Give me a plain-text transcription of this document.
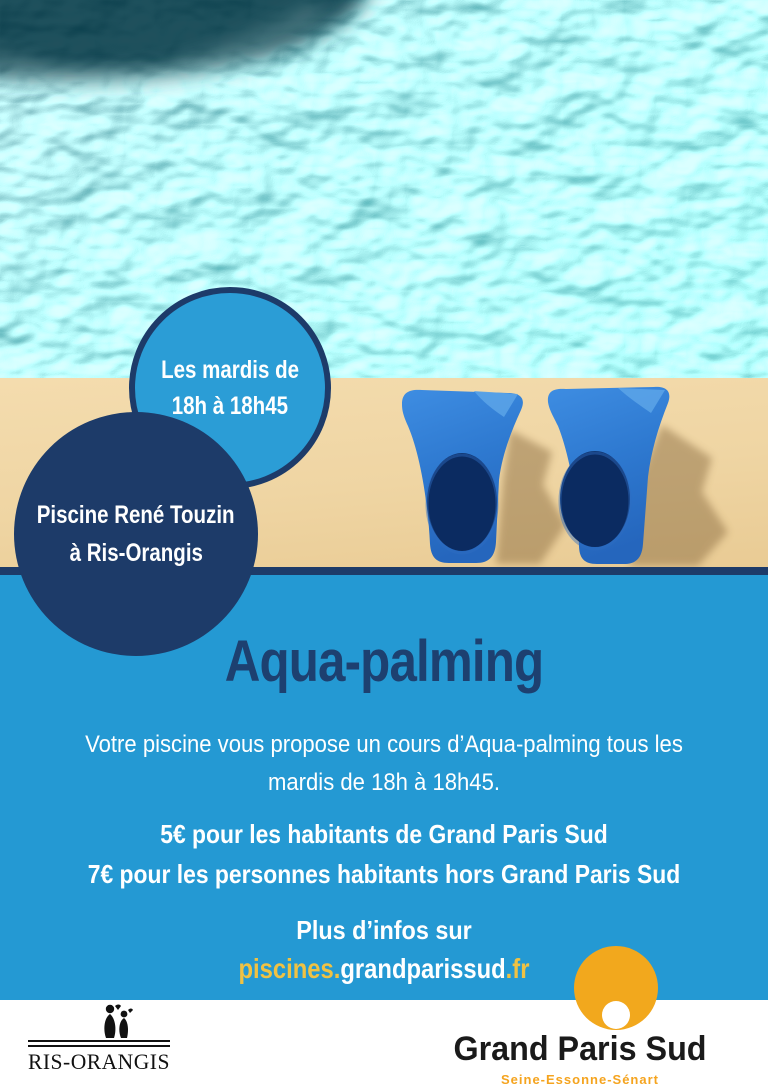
Les mardis de
18h à 18h45
Piscine René Touzin
à Ris-Orangis
Aqua-palming
Votre piscine vous propose un cours d’Aqua-palming tous les
mardis de 18h à 18h45.
5€ pour les habitants de Grand Paris Sud
7€ pour les personnes habitants hors Grand Paris Sud
Plus d’infos sur
piscines.grandparissud.fr
RIS-ORANGIS	Grand Paris Sud
Seine-Essonne-Sénart
